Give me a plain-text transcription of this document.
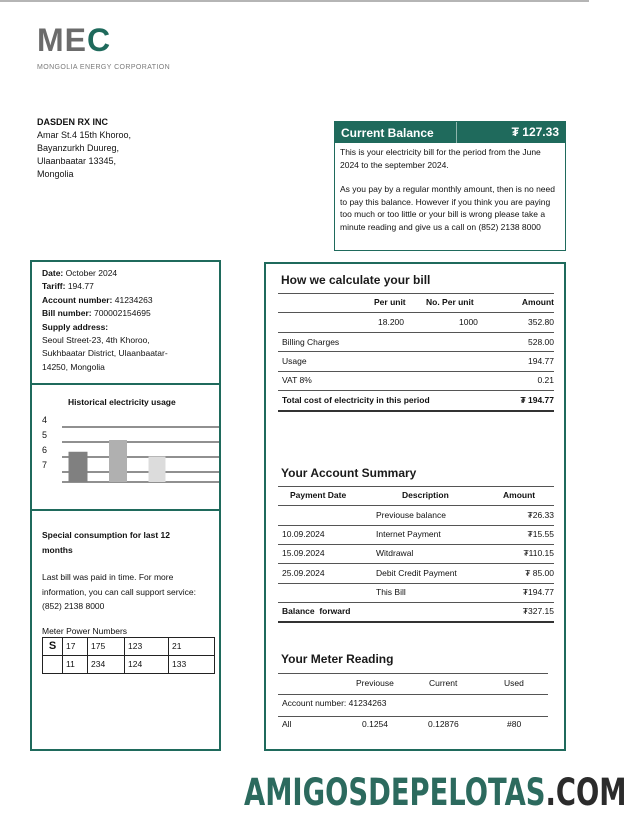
MEC
MONGOLIA ENERGY CORPORATION
DASDEN RX INC
Amar St.4 15th Khoroo,
Bayanzurkh Duureg,
Ulaanbaatar 13345,
Mongolia
Current Balance	₮ 127.33

This is your electricity bill for the period from the June 2024 to the september 2024.

As you pay by a regular monthly amount, then is no need to pay this balance. However if you think you are paying too much or too little or your bill is wrong please take a minute reading and give us a call on (852) 2138 8000

Date: October 2024
Tariff: 194.77
Account number: 41234263
Bill number: 700002154695
Supply address:
Seoul Street-23, 4th Khoroo,
Sukhbaatar District, Ulaanbaatar-
14250, Mongolia
4
5
6
7
Historical electricity usage
Special consumption for last 12 months
Last bill was paid in time. For more information, you can call support service: (852) 2138 8000
Meter Power Numbers
S	17	175	123	21
	11	234	124	133
How we calculate your bill
Per unit No. Per unit	Amount
18.200	1000	352.80
Billing Charges	528.00
Usage	194.77
VAT 8%	0.21
Total cost of electricity in this period	₮ 194.77
Your Account Summary
Payment Date	Description	Amount
Previouse balance	₮26.33
10.09.2024	Internet Payment	₮15.55
15.09.2024	Witdrawal	₮110.15
25.09.2024	Debit Credit Payment	₮ 85.00
This Bill	₮194.77
Balance  forward	₮327.15
Your Meter Reading
Previouse	Current	Used
Account number: 41234263
All	0.1254	0.12876	#80
AMIGOSDEPELOTAS.COM
